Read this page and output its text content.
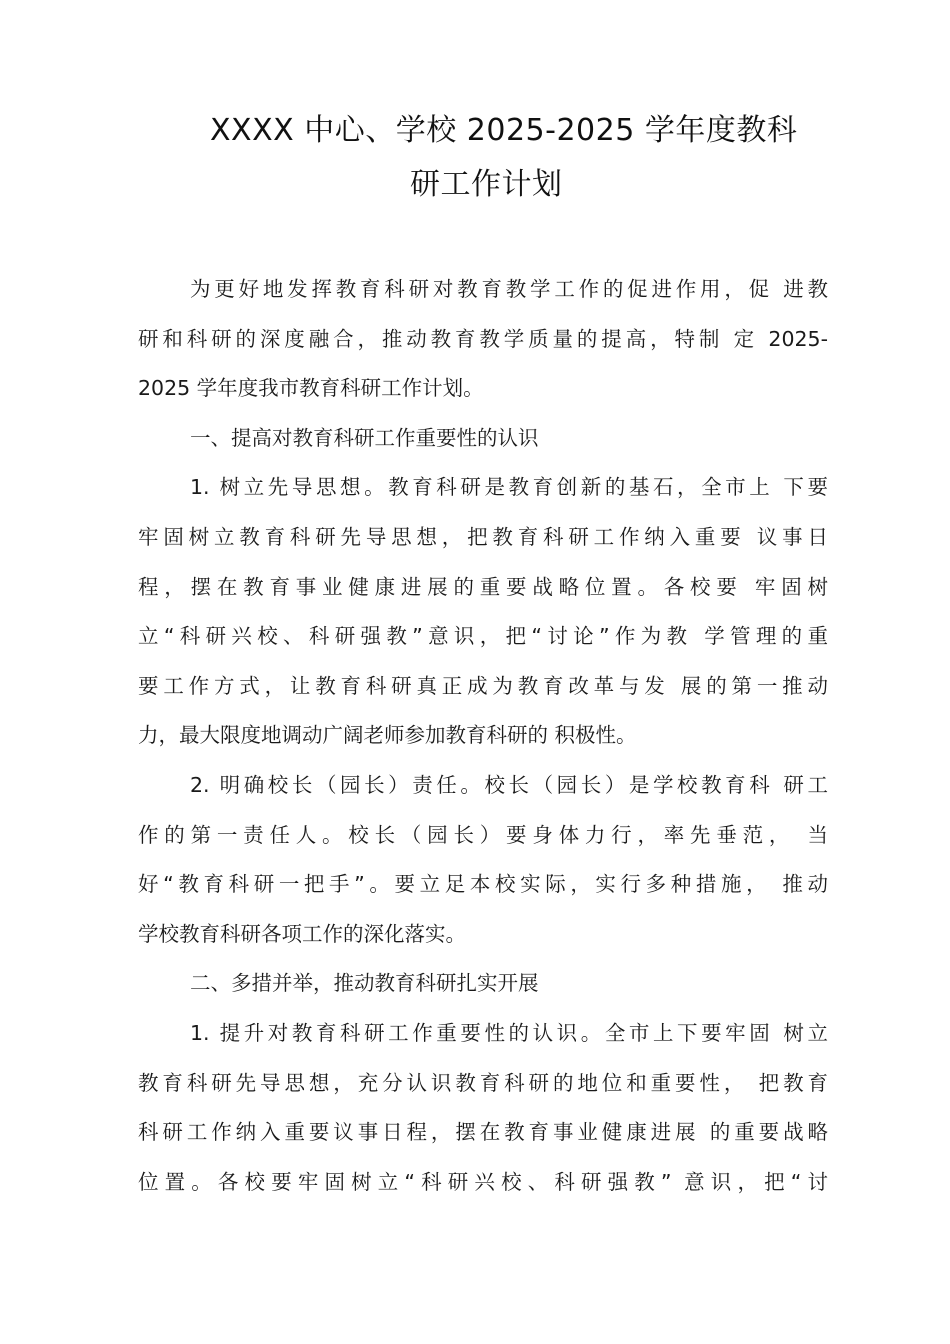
XXXX 中心、学校 2025-2025 学年度教科
研工作计划

为更好地发挥教育科研对教育教学工作的促进作用，促 进教
研和科研的深度融合，推动教育教学质量的提高，特制 定 2025-
2025 学年度我市教育科研工作计划。

一、提高对教育科研工作重要性的认识

1. 树立先导思想。教育科研是教育创新的基石，全市上 下要
牢固树立教育科研先导思想，把教育科研工作纳入重要 议事日
程，摆在教育事业健康进展的重要战略位置。各校要 牢固树
立“科研兴校、科研强教”意识，把“讨论”作为教 学管理的重
要工作方式，让教育科研真正成为教育改革与发 展的第一推动
力，最大限度地调动广阔老师参加教育科研的 积极性。

2. 明确校长（园长）责任。校长（园长）是学校教育科 研工
作的第一责任人。校长（园长）要身体力行，率先垂范， 当
好“教育科研一把手”。要立足本校实际，实行多种措施， 推动
学校教育科研各项工作的深化落实。

二、多措并举，推动教育科研扎实开展

1. 提升对教育科研工作重要性的认识。全市上下要牢固 树立
教育科研先导思想，充分认识教育科研的地位和重要性， 把教育
科研工作纳入重要议事日程，摆在教育事业健康进展 的重要战略
位置。各校要牢固树立“科研兴校、科研强教” 意识，把“讨
